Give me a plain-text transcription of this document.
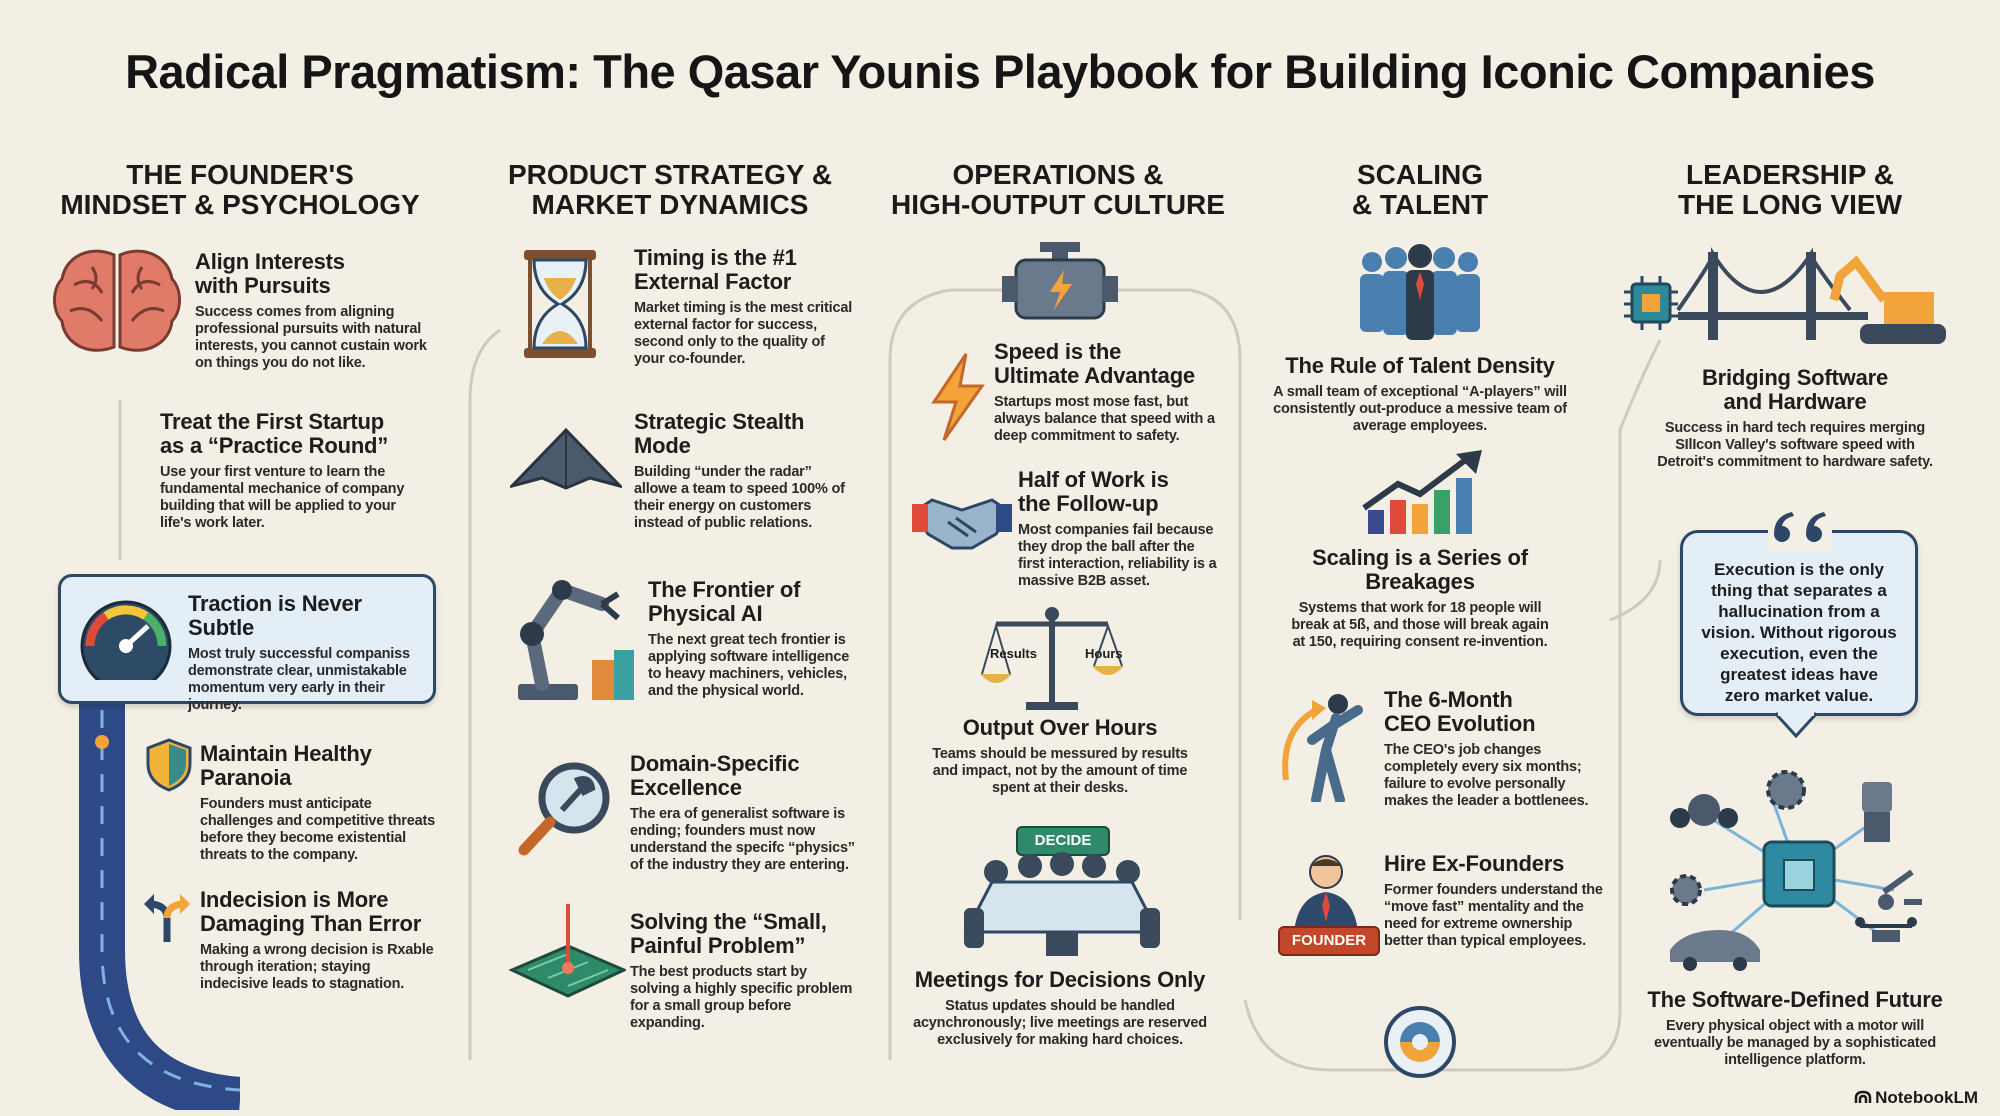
Radical Pragmatism: The Qasar Younis Playbook for Building Iconic Companies
THE FOUNDER'S
MINDSET & PSYCHOLOGY
PRODUCT STRATEGY &
MARKET DYNAMICS
OPERATIONS &
HIGH-OUTPUT CULTURE
SCALING
& TALENT
LEADERSHIP &
THE LONG VIEW
Align Interests
with Pursuits

Success comes from aligning professional pursuits with natural interests, you cannot custain work on things you do not like.

Treat the First Startup
as a “Practice Round”

Use your first venture to learn the fundamental mechanice of company building that will be applied to your life's work later.

Traction is Never Subtle

Most truly successful companiss demonstrate clear, unmistakable momentum very early in their journey.

Maintain Healthy
Paranoia

Founders must anticipate challenges and competitive threats before they become existential threats to the company.

Indecision is More
Damaging Than Error

Making a wrong decision is Rxable through iteration; staying indecisive leads to stagnation.

Timing is the #1
External Factor

Market timing is the mest critical external factor for success, second only to the quality of your co-founder.

Strategic Stealth
Mode

Building “under the radar” allowe a team to speed 100% of their energy on customers instead of public relations.

The Frontier of
Physical AI

The next great tech frontier is applying software intelligence to heavy machiners, vehicles, and the physical world.

Domain-Specific
Excellence

The era of generalist software is ending; founders must now understand the specifc “physics” of the industry they are entering.

Solving the “Small,
Painful Problem”

The best products start by solving a highly specific problem for a small group before expanding.

Speed is the
Ultimate Advantage

Startups most mose fast, but always balance that speed with a deep commitment to safety.

Half of Work is
the Follow-up

Most companies fail because they drop the ball after the first interaction, reliability is a massive B2B asset.

Results	Hours
Output Over Hours

Teams should be messured by results and impact, not by the amount of time spent at their desks.

DECIDE
Meetings for Decisions Only

Status updates should be handled acynchronously; live meetings are reserved exclusively for making hard choices.

The Rule of Talent Density

A small team of exceptional “A-players” will consistently out-produce a messive team of average employees.

Scaling is a Series of
Breakages

Systems that work for 18 people will break at 5ß, and those will break again at 150, requiring consent re-invention.

The 6-Month
CEO Evolution

The CEO's job changes completely every six months; failure to evolve personally makes the leader a bottlenees.

FOUNDER
Hire Ex-Founders

Former founders understand the “move fast” mentality and the need for extreme ownership better than typical employees.

Bridging Software
and Hardware

Success in hard tech requires merging SIlIcon Valley's software speed with Detroit's commitment to hardware safety.

Execution is the only thing that separates a hallucination from a vision. Without rigorous execution, even the greatest ideas have zero market value.
The Software-Defined Future

Every physical object with a motor will eventually be managed by a sophisticated intelligence platform.

NotebookLM
